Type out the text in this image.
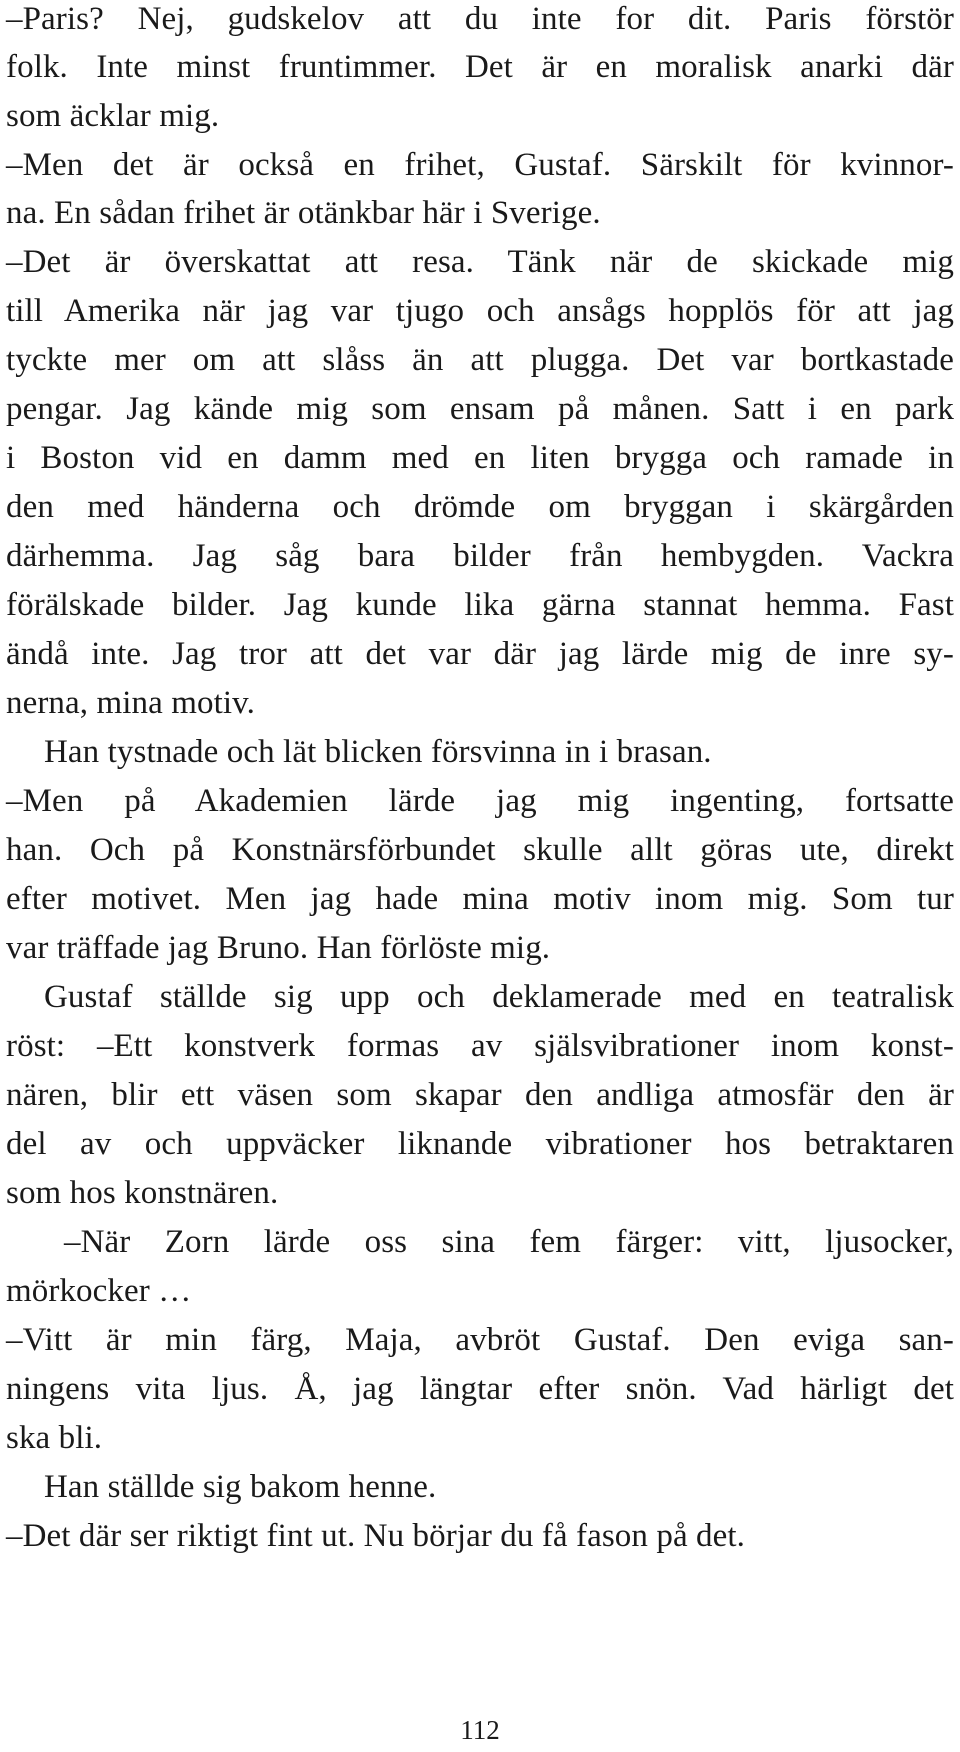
–Paris? Nej, gudskelov att du inte for dit. Paris förstör
folk. Inte minst fruntimmer. Det är en moralisk anarki där
som äcklar mig.
–Men det är också en frihet, Gustaf. Särskilt för kvinnor-
na. En sådan frihet är otänkbar här i Sverige.
–Det är överskattat att resa. Tänk när de skickade mig
till Amerika när jag var tjugo och ansågs hopplös för att jag
tyckte mer om att slåss än att plugga. Det var bortkastade
pengar. Jag kände mig som ensam på månen. Satt i en park
i Boston vid en damm med en liten brygga och ramade in
den med händerna och drömde om bryggan i skärgården
därhemma. Jag såg bara bilder från hembygden. Vackra
förälskade bilder. Jag kunde lika gärna stannat hemma. Fast
ändå inte. Jag tror att det var där jag lärde mig de inre sy-
nerna, mina motiv.
Han tystnade och lät blicken försvinna in i brasan.
–Men på Akademien lärde jag mig ingenting, fortsatte
han. Och på Konstnärsförbundet skulle allt göras ute, direkt
efter motivet. Men jag hade mina motiv inom mig. Som tur
var träffade jag Bruno. Han förlöste mig.
Gustaf ställde sig upp och deklamerade med en teatralisk
röst: –Ett konstverk formas av själsvibrationer inom konst-
nären, blir ett väsen som skapar den andliga atmosfär den är
del av och uppväcker liknande vibrationer hos betraktaren
som hos konstnären.
–När Zorn lärde oss sina fem färger: vitt, ljusocker,
mörkocker …
–Vitt är min färg, Maja, avbröt Gustaf. Den eviga san-
ningens vita ljus. Å, jag längtar efter snön. Vad härligt det
ska bli.
Han ställde sig bakom henne.
–Det där ser riktigt fint ut. Nu börjar du få fason på det.
112
